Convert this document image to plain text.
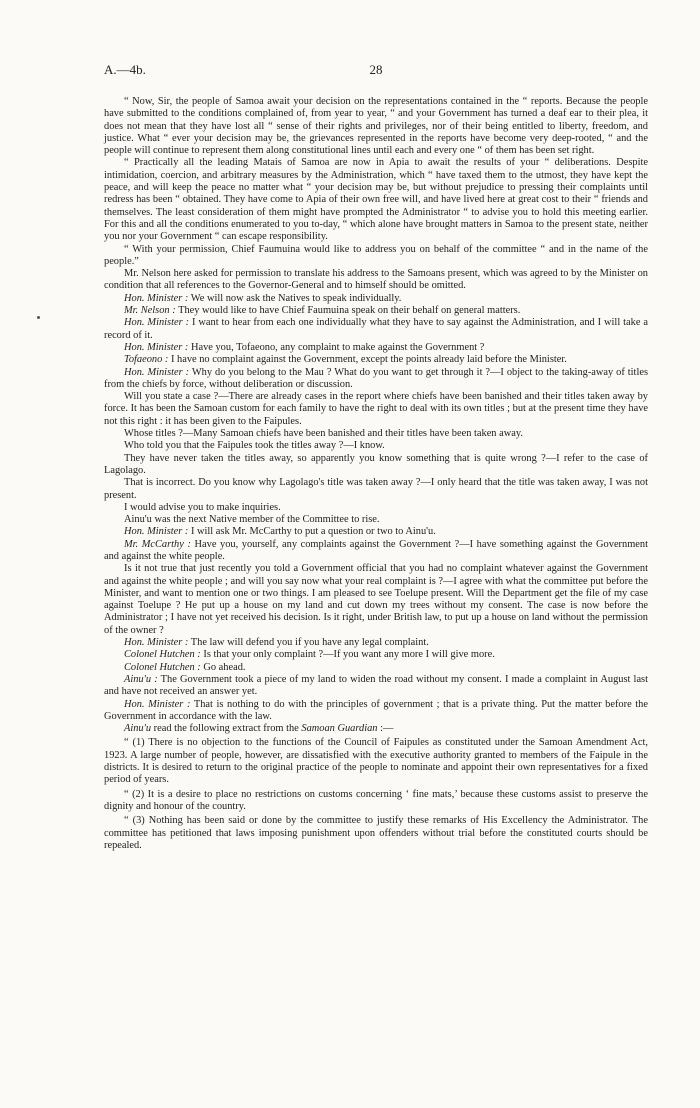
A.—4b.	28

“ Now, Sir, the people of Samoa await your decision on the representations contained in the “ reports. Because the people have submitted to the conditions complained of, from year to year, “ and your Government has turned a deaf ear to their plea, it does not mean that they have lost all “ sense of their rights and privileges, nor of their being entitled to liberty, freedom, and justice. What “ ever your decision may be, the grievances represented in the reports have become very deep-rooted, “ and the people will continue to represent them along constitutional lines until each and every one “ of them has been set right.

“ Practically all the leading Matais of Samoa are now in Apia to await the results of your “ deliberations. Despite intimidation, coercion, and arbitrary measures by the Administration, which “ have taxed them to the utmost, they have kept the peace, and will keep the peace no matter what “ your decision may be, but without prejudice to pressing their complaints until redress has been “ obtained. They have come to Apia of their own free will, and have lived here at great cost to their “ friends and themselves. The least consideration of them might have prompted the Administrator “ to advise you to hold this meeting earlier. For this and all the conditions enumerated to you to-day, “ which alone have brought matters in Samoa to the present state, neither you nor your Government “ can escape responsibility.

“ With your permission, Chief Faumuina would like to address you on behalf of the committee “ and in the name of the people.”

Mr. Nelson here asked for permission to translate his address to the Samoans present, which was agreed to by the Minister on condition that all references to the Governor-General and to himself should be omitted.

Hon. Minister : We will now ask the Natives to speak individually.

Mr. Nelson : They would like to have Chief Faumuina speak on their behalf on general matters.

Hon. Minister : I want to hear from each one individually what they have to say against the Administration, and I will take a record of it.

Hon. Minister : Have you, Tofaeono, any complaint to make against the Government ?

Tofaeono : I have no complaint against the Government, except the points already laid before the Minister.

Hon. Minister : Why do you belong to the Mau ? What do you want to get through it ?—I object to the taking-away of titles from the chiefs by force, without deliberation or discussion.

Will you state a case ?—There are already cases in the report where chiefs have been banished and their titles taken away by force. It has been the Samoan custom for each family to have the right to deal with its own titles ; but at the present time they have not this right : it has been given to the Faipules.

Whose titles ?—Many Samoan chiefs have been banished and their titles have been taken away.

Who told you that the Faipules took the titles away ?—I know.

They have never taken the titles away, so apparently you know something that is quite wrong ?—I refer to the case of Lagolago.

That is incorrect. Do you know why Lagolago's title was taken away ?—I only heard that the title was taken away, I was not present.

I would advise you to make inquiries.

Ainu'u was the next Native member of the Committee to rise.

Hon. Minister : I will ask Mr. McCarthy to put a question or two to Ainu'u.

Mr. McCarthy : Have you, yourself, any complaints against the Government ?—I have something against the Government and against the white people.

Is it not true that just recently you told a Government official that you had no complaint whatever against the Government and against the white people ; and will you say now what your real complaint is ?—I agree with what the committee put before the Minister, and want to mention one or two things. I am pleased to see Toelupe present. Will the Department get the file of my case against Toelupe ? He put up a house on my land and cut down my trees without my consent. The case is now before the Administrator ; I have not yet received his decision. Is it right, under British law, to put up a house on land without the permission of the owner ?

Hon. Minister : The law will defend you if you have any legal complaint.

Colonel Hutchen : Is that your only complaint ?—If you want any more I will give more.

Colonel Hutchen : Go ahead.

Ainu'u : The Government took a piece of my land to widen the road without my consent. I made a complaint in August last and have not received an answer yet.

Hon. Minister : That is nothing to do with the principles of government ; that is a private thing. Put the matter before the Government in accordance with the law.

Ainu'u read the following extract from the Samoan Guardian :—

“ (1) There is no objection to the functions of the Council of Faipules as constituted under the Samoan Amendment Act, 1923. A large number of people, however, are dissatisfied with the executive authority granted to members of the Faipule in the districts. It is desired to return to the original practice of the people to nominate and appoint their own representatives for a fixed period of years.

“ (2) It is a desire to place no restrictions on customs concerning ‘ fine mats,’ because these customs assist to preserve the dignity and honour of the country.

“ (3) Nothing has been said or done by the committee to justify these remarks of His Excellency the Administrator. The committee has petitioned that laws imposing punishment upon offenders without trial before the constituted courts should be repealed.
